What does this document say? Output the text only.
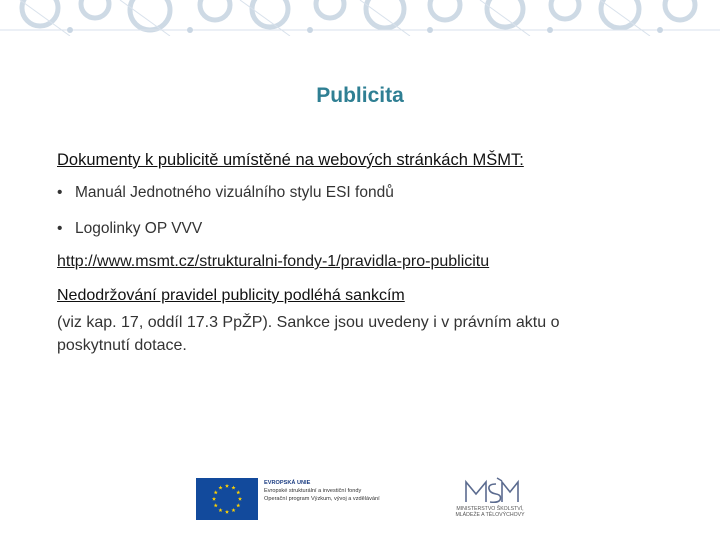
Publicita
Dokumenty k publicitě umístěné na webových stránkách MŠMT:
• Manuál Jednotného vizuálního stylu ESI fondů
• Logolinky OP VVV
http://www.msmt.cz/strukturalni-fondy-1/pravidla-pro-publicitu
Nedodržování pravidel publicity podléhá sankcím
(viz kap. 17, oddíl 17.3 PpŽP). Sankce jsou uvedeny i v právním aktu o poskytnutí dotace.
EVROPSKÁ UNIE
Evropské strukturální a investiční fondy
Operační program Výzkum, vývoj a vzdělávání
MINISTERSTVO ŠKOLSTVÍ,
MLÁDEŽE A TĚLOVÝCHOVY
